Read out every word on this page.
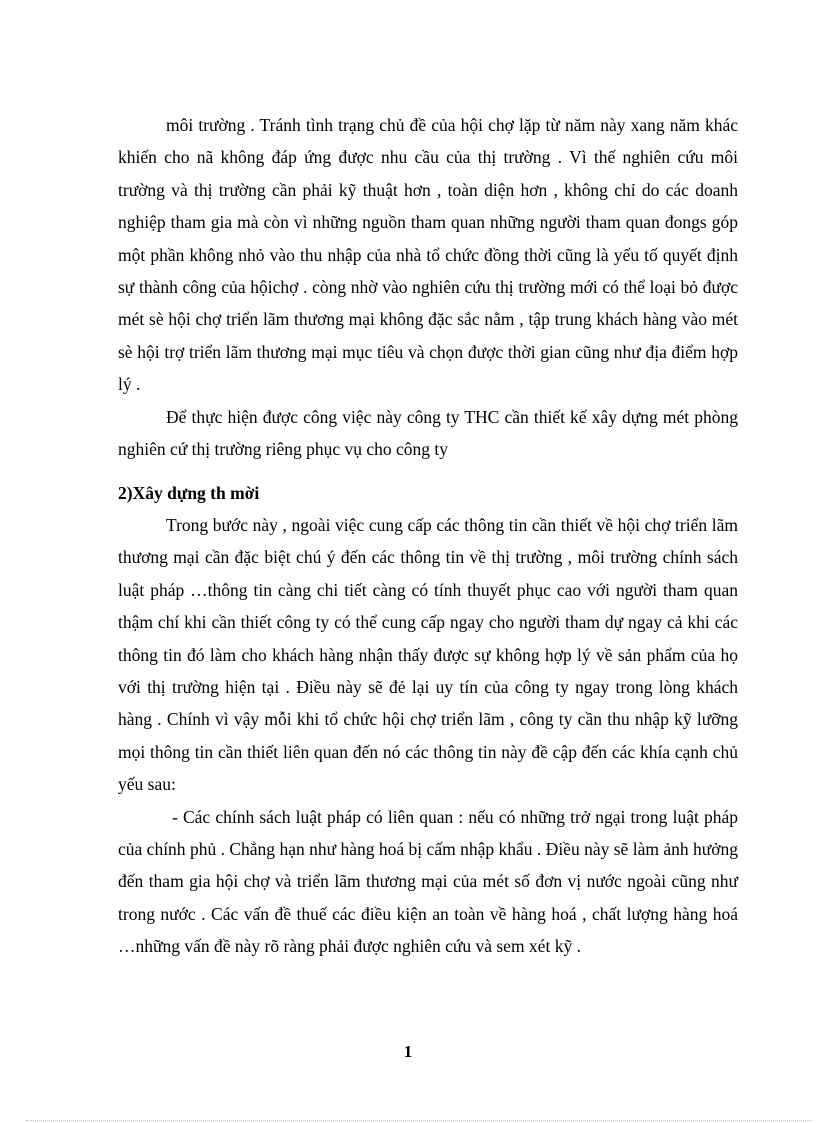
môi trường . Tránh tình trạng chủ đề của hội chợ lặp từ năm này xang năm khác khiến cho nã không đáp ứng được nhu cầu của thị trường . Vì thế nghiên cứu môi trường và thị trường cần phải kỹ thuật hơn , toàn diện hơn , không chỉ do các doanh nghiệp tham gia mà còn vì những nguồn tham quan những người tham quan đongs góp một phần không nhỏ vào thu nhập của nhà tổ chức đồng thời cũng là yếu tố quyết định sự thành công của hộichợ . còng nhờ vào nghiên cứu thị trường mới có thể loại bỏ được mét sè hội chợ triển lãm thương mại không đặc sắc nằm , tập trung khách hàng vào mét sè hội trợ triển lãm thương mại mục tiêu và chọn được thời gian cũng như địa điểm hợp lý .

Để thực hiện được công việc này công ty THC cần thiết kế xây dựng mét phòng nghiên cứ thị trường riêng phục vụ cho công ty

2)Xây dựng th mời

Trong bước này , ngoài việc cung cấp các thông tin cần thiết về hội chợ triển lãm thương mại cần đặc biệt chú ý đến các thông tin về thị trường , môi trường chính sách luật pháp …thông tin càng chi tiết càng có tính thuyết phục cao với người tham quan thậm chí khi cần thiết công ty có thể cung cấp ngay cho người tham dự ngay cả khi các thông tin đó làm cho khách hàng nhận thấy được sự không hợp lý về sản phẩm của họ với thị trường hiện tại . Điều này sẽ đẻ lại uy tín của công ty ngay trong lòng khách hàng . Chính vì vậy mỗi khi tổ chức hội chợ triển lãm , công ty cần thu nhập kỹ lưỡng mọi thông tin cần thiết liên quan đến nó các thông tin này đề cập đến các khía cạnh chủ yếu sau:

- Các chính sách luật pháp có liên quan : nếu có những trở ngại trong luật pháp của chính phủ . Chẳng hạn như hàng hoá bị cấm nhập khẩu . Điều này sẽ làm ảnh hưởng đến tham gia hội chợ và triển lãm thương mại của mét số đơn vị nước ngoài cũng như trong nước . Các vấn đề thuế các điều kiện an toàn về hàng hoá , chất lượng hàng hoá …những vấn đề này rõ ràng phải được nghiên cứu và sem xét kỹ .

1
